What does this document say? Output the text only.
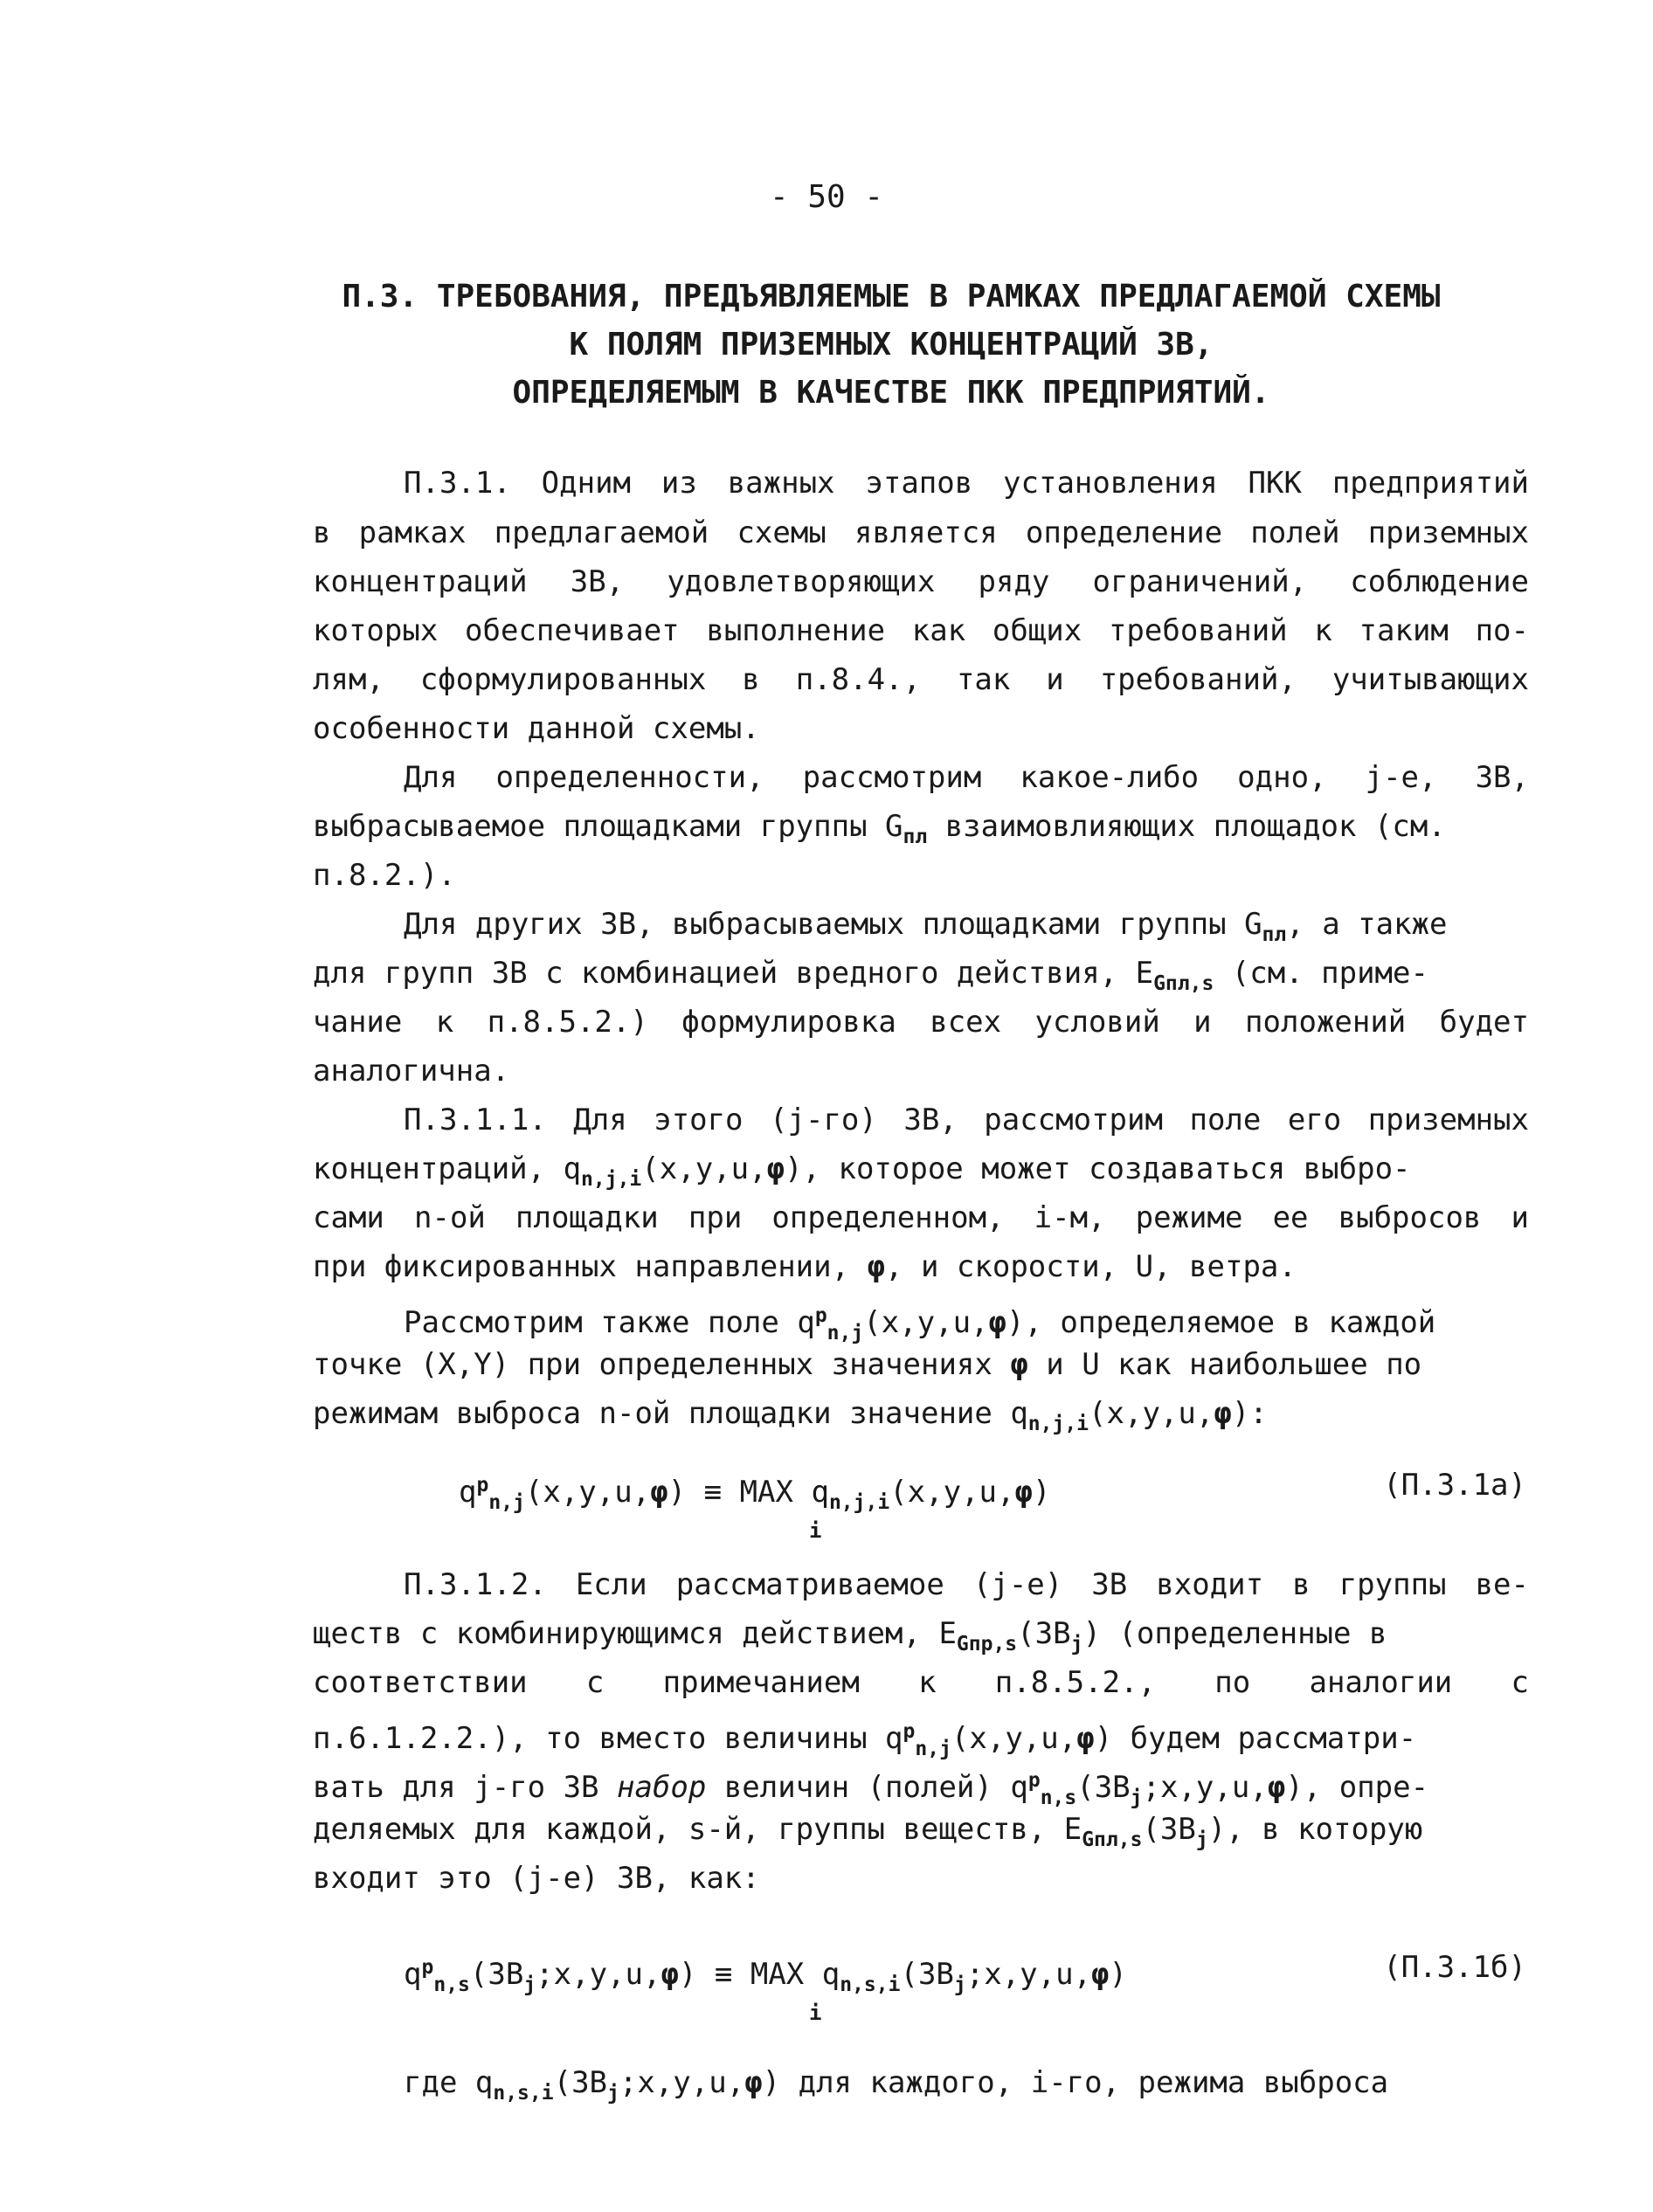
- 50 -
П.3. ТРЕБОВАНИЯ, ПРЕДЪЯВЛЯЕМЫЕ В РАМКАХ ПРЕДЛАГАЕМОЙ СХЕМЫ
К ПОЛЯМ ПРИЗЕМНЫХ КОНЦЕНТРАЦИЙ ЗВ,
ОПРЕДЕЛЯЕМЫМ В КАЧЕСТВЕ ПКК ПРЕДПРИЯТИЙ.
П.3.1. Одним из важных этапов установления ПКК предприятий
в рамках предлагаемой схемы является определение полей приземных
концентраций ЗВ, удовлетворяющих ряду ограничений, соблюдение
которых обеспечивает выполнение как общих требований к таким по-
лям, сформулированных в п.8.4., так и требований, учитывающих
особенности данной схемы.
Для определенности, рассмотрим какое-либо одно, j-е, ЗВ,
выбрасываемое площадками группы $G_{пл}$ взаимовлияющих площадок (см.
п.8.2.).
Для других ЗВ, выбрасываемых площадками группы $G_{пл}$, а также
для групп ЗВ с комбинацией вредного действия, $E_{Gпл,s}$ (см. приме-
чание к п.8.5.2.) формулировка всех условий и положений будет
аналогична.
П.3.1.1. Для этого (j-го) ЗВ, рассмотрим поле его приземных
концентраций, $q_{n,j,i}(x,y,u,\varphi)$, которое может создаваться выбро-
сами n-ой площадки при определенном, i-м, режиме ее выбросов и
при фиксированных направлении, φ, и скорости, U, ветра.
Рассмотрим также поле $q^p_{n,j}(x,y,u,\varphi)$, определяемое в каждой
точке (X,Y) при определенных значениях φ и U как наибольшее по
режимам выброса n-ой площадки значение $q_{n,j,i}(x,y,u,\varphi)$:
$q^p_{n,j}(x,y,u,\varphi)$ ≡ MAX $q_{n,j,i}(x,y,u,\varphi)$
i
(П.3.1а)
П.3.1.2. Если рассматриваемое (j-е) ЗВ входит в группы ве-
ществ с комбинирующимся действием, $E_{Gпр,s}(ЗВ_j)$ (определенные в
соответствии с примечанием к п.8.5.2., по аналогии с
п.6.1.2.2.), то вместо величины $q^p_{n,j}(x,y,u,\varphi)$ будем рассматри-
вать для j-го ЗВ набор величин (полей) $q^p_{n,s}(ЗВ_j;x,y,u,\varphi)$, опре-
деляемых для каждой, s-й, группы веществ, $E_{Gпл,s}(ЗВ_j)$, в которую
входит это (j-е) ЗВ, как:
$q^p_{n,s}(ЗВ_j;x,y,u,\varphi)$ ≡ MAX $q_{n,s,i}(ЗВ_j;x,y,u,\varphi)$
i
(П.3.1б)
где $q_{n,s,i}(ЗВ_j;x,y,u,\varphi)$ для каждого, i-го, режима выброса
